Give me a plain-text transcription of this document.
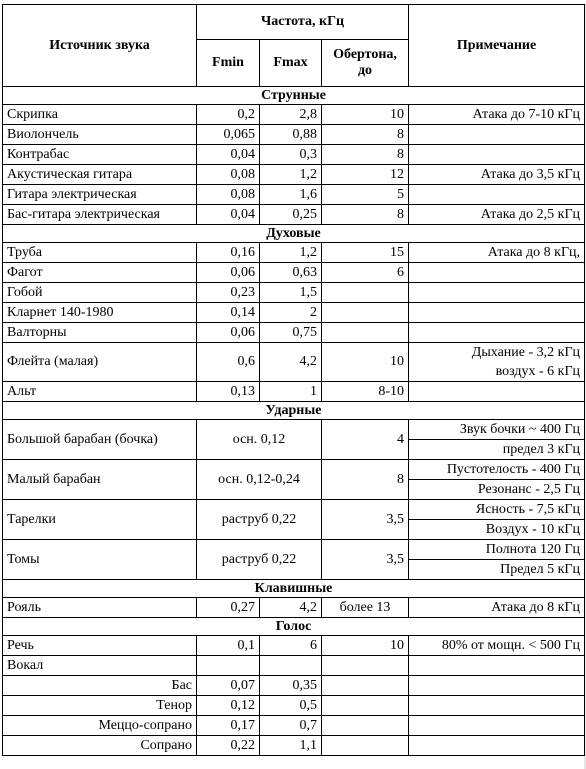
Источник звука	Частота, кГц			Примечание
	Fmin	Fmax	Обертона,
до	

Струнные				
Скрипка	0,2	2,8	10	Атака до 7-10 кГц
Виолончель	0,065	0,88	8	
Контрабас	0,04	0,3	8	
Акустическая гитара	0,08	1,2	12	Атака до 3,5 кГц
Гитара электрическая	0,08	1,6	5	
Бас-гитара электрическая	0,04	0,25	8	Атака до 2,5 кГц
Духовые				
Труба	0,16	1,2	15	Атака до 8 кГц,
Фагот	0,06	0,63	6	
Гобой	0,23	1,5		
Кларнет 140-1980	0,14	2		
Валторны	0,06	0,75		
Флейта (малая)	0,6	4,2	10	Дыхание - 3,2 кГц
воздух - 6 кГц

Альт	0,13	1	8-10	
Ударные				
Большой барабан (бочка)	осн. 0,12		4	Звук бочки ~ 400 Гц
предел 3 кГц

Малый барабан	осн. 0,12-0,24		8	Пустотелость - 400 Гц
Резонанс - 2,5 Гц

Тарелки	раструб 0,22		3,5	Ясность - 7,5 кГц
Воздух - 10 кГц

Томы	раструб 0,22		3,5	Полнота 120 Гц
Предел 5 кГц

Клавишные				
Рояль	0,27	4,2	более 13	Атака до 8 кГц
Голос				
Речь	0,1	6	10	80% от мощн. < 500 Гц
Вокал				
Бас	0,07	0,35		
Тенор	0,12	0,5		
Меццо-сопрано	0,17	0,7		
Сопрано	0,22	1,1		
